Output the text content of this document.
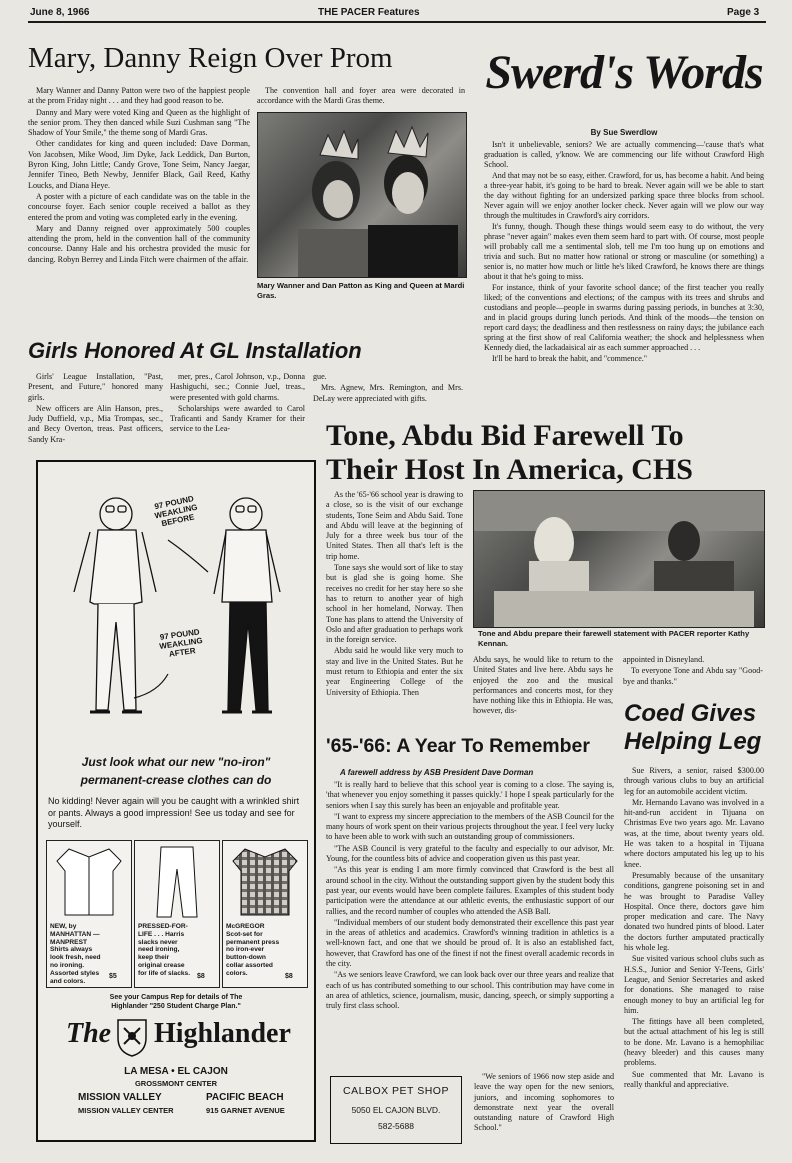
June 8, 1966	THE PACER Features	Page 3
Mary, Danny Reign Over Prom

Mary Wanner and Danny Patton were two of the happiest people at the prom Friday night . . . and they had good reason to be.

Danny and Mary were voted King and Queen as the highlight of the senior prom. They then danced while Suzi Cushman sang "The Shadow of Your Smile," the theme song of Mardi Gras.

Other candidates for king and queen included: Dave Dorman, Von Jacobsen, Mike Wood, Jim Dyke, Jack Leddick, Dan Burton, Byron King, John Little; Candy Grove, Tone Seim, Nancy Jaegar, Jennifer Tineo, Beth Newby, Jennifer Black, Gail Reed, Kathy Loucks, and Diana Heye.

A poster with a picture of each candidate was on the table in the concourse foyer. Each senior couple received a ballot as they entered the prom and voting was completed early in the evening.

Mary and Danny reigned over approximately 500 couples attending the prom, held in the convention hall of the community concourse. Danny Hale and his orchestra provided the music for dancing. Robyn Berrey and Linda Fitch were chairmen of the affair.

The convention hall and foyer area were decorated in accordance with the Mardi Gras theme.

Mary Wanner and Dan Patton as King and Queen at Mardi Gras.
Swerd's Words
By Sue Swerdlow

Isn't it unbelievable, seniors? We are actually commencing—'cause that's what graduation is called, y'know. We are commencing our life without Crawford High School.

And that may not be so easy, either. Crawford, for us, has become a habit. And being a three-year habit, it's going to be hard to break. Never again will we be able to start the day without fighting for an undersized parking space three blocks from school. Never again will we enjoy another locker check. Never again will we plow our way through the multitudes in Crawford's airy corridors.

It's funny, though. Though these things would seem easy to do without, the very phrase "never again" makes even them seem hard to part with. Of course, most people will probably call me a sentimental slob, tell me I'm too hung up on emotions and trivia and such. But no matter how rational or strong or masculine (or something) a senior is, no matter how much or little he's liked Crawford, he knows there are things about it that he's going to miss.

For instance, think of your favorite school dance; of the first teacher you really liked; of the conventions and elections; of the campus with its trees and shrubs and custodians and people—people in swarms during passing periods, in bunches at 3:30, and in placid groups during lunch periods. And think of the moods—the tension on report card days; the deadliness and then restlessness on rainy days; the jubilance each spring at the first show of real California weather; the shock and helplessness when Kennedy died, the lackadaisical air as each summer approached . . .

It'll be hard to break the habit, and "commence."

Girls Honored At GL Installation

Girls' League Installation, "Past, Present, and Future," honored many girls.

New officers are Alin Hanson, pres., Judy Duffield, v.p., Mia Trompas, sec., and Becy Overton, treas. Past officers, Sandy Kra-

mer, pres., Carol Johnson, v.p., Donna Hashiguchi, sec.; Connie Juel, treas., were presented with gold charms.

Scholarships were awarded to Carol Traficanti and Sandy Kramer for their service to the Lea-

gue.

Mrs. Agnew, Mrs. Remington, and Mrs. DeLay were appreciated with gifts.

Tone, Abdu Bid Farewell To
Their Host In America, CHS

As the '65-'66 school year is drawing to a close, so is the visit of our exchange students, Tone Seim and Abdu Said. Tone and Abdu will leave at the beginning of July for a three week bus tour of the United States. Then all that's left is the trip home.

Tone says she would sort of like to stay but is glad she is going home. She receives no credit for her stay here so she has to return to another year of high school in her homeland, Norway. Then Tone has plans to attend the University of Oslo and after graduation to perhaps work in the foreign service.

Abdu said he would like very much to stay and live in the United States. But he must return to Ethiopia and enter the six year Engineering College of the University of Ethiopia. Then

Tone and Abdu prepare their farewell statement with PACER reporter Kathy Kennan.

Abdu says, he would like to return to the United States and live here. Abdu says he enjoyed the zoo and the musical performances and concerts most, for they have nothing like this in Ethiopia. He was, however, dis-

appointed in Disneyland.

To everyone Tone and Abdu say "Good-bye and thanks."

'65-'66: A Year To Remember
A farewell address by ASB President Dave Dorman

"It is really hard to believe that this school year is coming to a close. The saying is, 'that whenever you enjoy something it passes quickly.' I hope I speak particularly for the seniors when I say this surely has been an enjoyable and profitable year.

"I want to express my sincere appreciation to the members of the ASB Council for the many hours of work spent on their various projects throughout the year. I feel very lucky to have been able to work with such an outstanding group of commissioners.

"The ASB Council is very grateful to the faculty and especially to our advisor, Mr. Young, for the countless bits of advice and cooperation given us this past year.

"As this year is ending I am more firmly convinced that Crawford is the best all around school in the city. Without the outstanding support given by the student body this past year, our events would have been complete failures. Examples of this student body participation were the attendance at our athletic events, the enthusiastic support of our rallies, and the record number of couples who attended the ASB Ball.

"Individual members of our student body demonstrated their excellence this past year in the areas of athletics and academics. Crawford's winning tradition in athletics is a well-known fact, and one that we should be proud of. It is also an established fact, however, that Crawford has one of the finest if not the finest overall academic records in the city.

"As we seniors leave Crawford, we can look back over our three years and realize that each of us has contributed something to our school. This contribution may have come in an area of athletics, science, journalism, music, dancing, speech, or simply supporting a truly first class school.

"We seniors of 1966 now step aside and leave the way open for the new seniors, juniors, and incoming sophomores to demonstrate next year the overall outstanding nature of Crawford High School."

CALBOX PET SHOP
5050 EL CAJON BLVD.
582-5688
Coed Gives
Helping Leg

Sue Rivers, a senior, raised $300.00 through various clubs to buy an artificial leg for an automobile accident victim.

Mr. Hernando Lavano was involved in a hit-and-run accident in Tijuana on Christmas Eve two years ago. Mr. Lavano was, at the time, about twenty years old. He was taken to a hospital in Tijuana where doctors amputated his leg up to his knee.

Presumably because of the unsanitary conditions, gangrene poisoning set in and he was brought to Paradise Valley Hospital. Once there, doctors gave him proper medication and care. The Navy donated two hundred pints of blood. Later the doctors further amputated practically his whole leg.

Sue visited various school clubs such as H.S.S., Junior and Senior Y-Teens, Girls' League, and Senior Secretaries and asked for donations. She managed to raise enough money to buy an artificial leg for him.

The fittings have all been completed, but the actual attachment of his leg is still to be done. Mr. Lavano is a hemophiliac (heavy bleeder) and this causes many problems.

Sue commented that Mr. Lavano is really thankful and appreciative.

97 POUND WEAKLING BEFORE
97 POUND WEAKLING AFTER
Just look what our new "no-iron"
permanent-crease clothes can do
No kidding! Never again will you be caught with a wrinkled shirt or pants. Always a good impression! See us today and see for yourself.
NEW, by MANHATTAN — MANPREST Shirts always look fresh, need no ironing. Assorted styles and colors.
$5
PRESSED-FOR-LIFE . . . Harris slacks never need ironing, keep their original crease for life of slacks. $8
McGREGOR Scot-set for permanent press no iron-ever button-down collar assorted colors.	$8
See your Campus Rep for details of The Highlander "250 Student Charge Plan."
The Highlander
LA MESA • EL CAJON
GROSSMONT CENTER
MISSION VALLEY
MISSION VALLEY CENTER
PACIFIC BEACH
915 GARNET AVENUE
